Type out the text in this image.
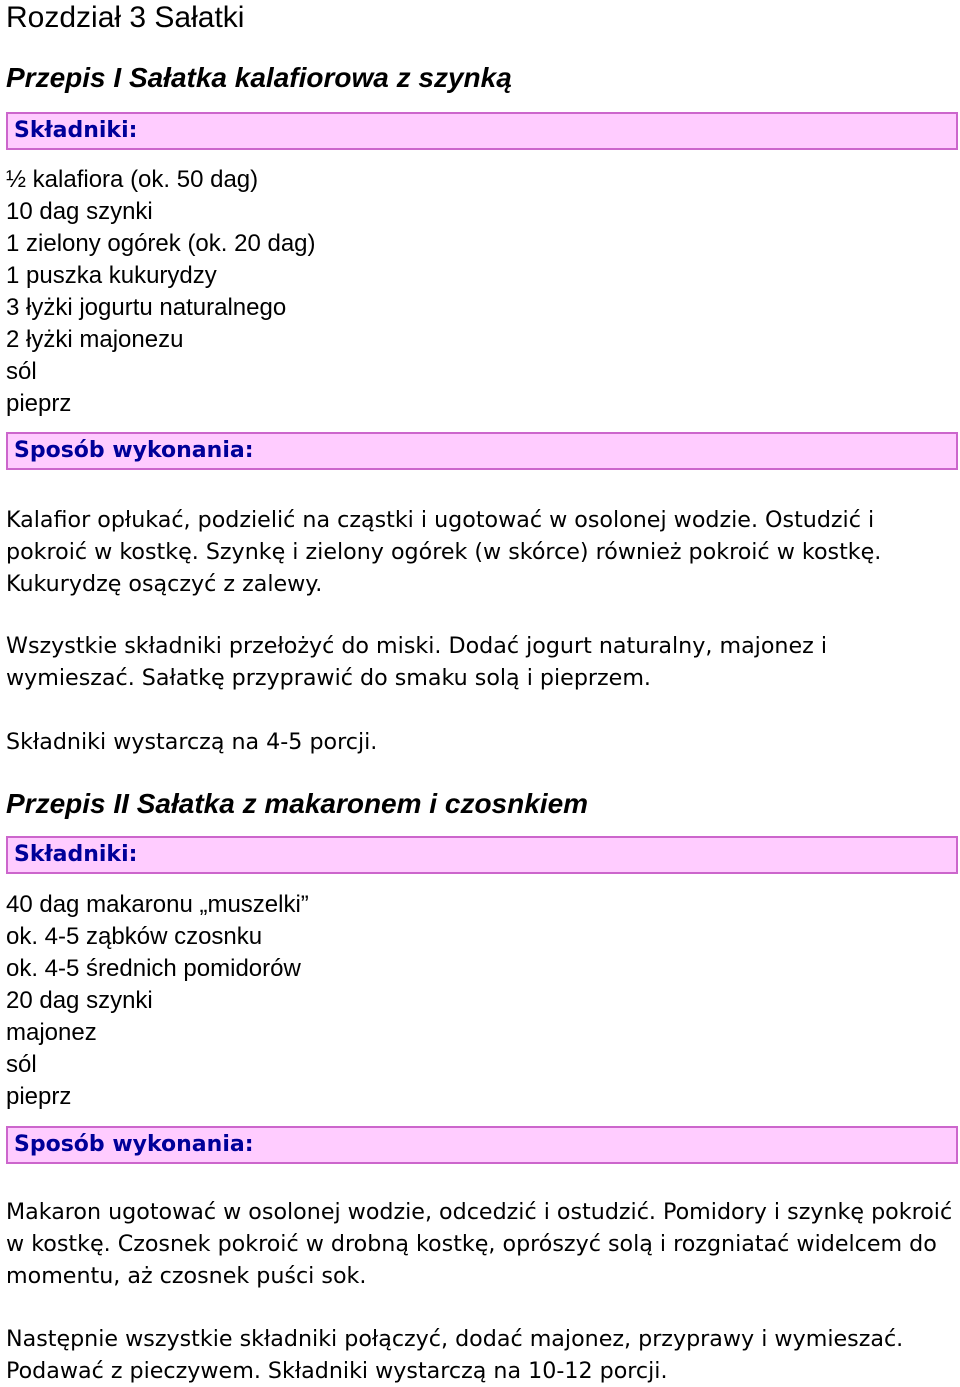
Rozdział 3 Sałatki
Przepis I Sałatka kalafiorowa z szynką
Składniki:
½ kalafiora (ok. 50 dag)
10 dag szynki
1 zielony ogórek (ok. 20 dag)
1 puszka kukurydzy
3 łyżki jogurtu naturalnego
2 łyżki majonezu
sól
pieprz
Sposób wykonania:

Kalafior opłukać, podzielić na cząstki i ugotować w osolonej wodzie. Ostudzić i pokroić w kostkę. Szynkę i zielony ogórek (w skórce) również pokroić w kostkę. Kukurydzę osączyć z zalewy.

Wszystkie składniki przełożyć do miski. Dodać jogurt naturalny, majonez i wymieszać. Sałatkę przyprawić do smaku solą i pieprzem.

Składniki wystarczą na 4-5 porcji.

Przepis II Sałatka z makaronem i czosnkiem
Składniki:
40 dag makaronu „muszelki”
ok. 4-5 ząbków czosnku
ok. 4-5 średnich pomidorów
20 dag szynki
majonez
sól
pieprz
Sposób wykonania:

Makaron ugotować w osolonej wodzie, odcedzić i ostudzić. Pomidory i szynkę pokroić w kostkę. Czosnek pokroić w drobną kostkę, oprószyć solą i rozgniatać widelcem do momentu, aż czosnek puści sok.

Następnie wszystkie składniki połączyć, dodać majonez, przyprawy i wymieszać. Podawać z pieczywem. Składniki wystarczą na 10-12 porcji.
